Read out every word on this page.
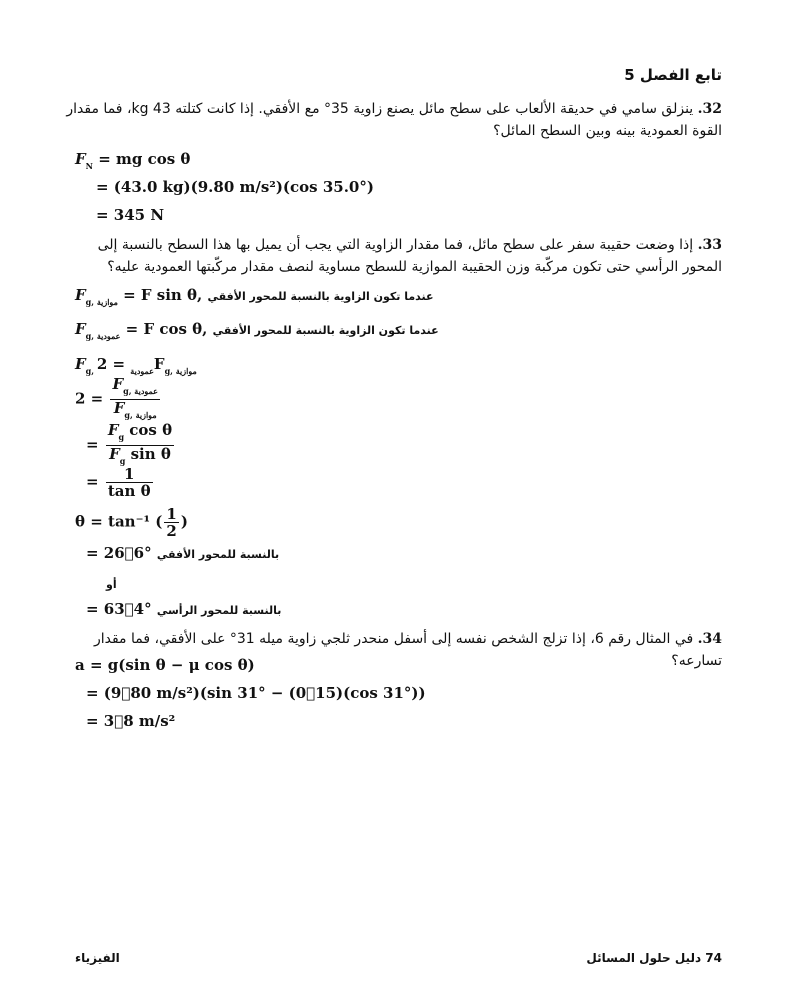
تابع الفصل 5
32. ينزلق سامي في حديقة الألعاب على سطح مائل يصنع زاوية 35° مع الأفقي. إذا كانت كتلته 43 kg، فما مقدار القوة العمودية بينه وبين السطح المائل؟
$F_N$ = mg cos θ
= (43.0 kg)(9.80 m/s²)(cos 35.0°)
= 345 N
33. إذا وضعت حقيبة سفر على سطح مائل، فما مقدار الزاوية التي يجب أن يميل بها هذا السطح بالنسبة إلى المحور الرأسي حتى تكون مركّبة وزن الحقيبة الموازية للسطح مساوية لنصف مقدار مركّبتها العمودية عليه؟
$F_{g, موازية} = F$ sin θ, عندما تكون الزاوية بالنسبة للمحور الأفقي
$F_{g, عمودية} = F$ cos θ, عندما تكون الزاوية بالنسبة للمحور الأفقي
$F_{g, عمودية} = 2F_{g, موازية}$
$2 = \frac{F_{g, عمودية}}{F_{g, موازية}}$
= $\frac{F_g \cos \theta}{F_g \sin \theta}$
= $\frac{1}{\text{tan θ}}$
θ = tan⁻¹ ( $\frac{1}{2}$ )
= 26⃞6° بالنسبة للمحور الأفقي
أو
= 63⃞4° بالنسبة للمحور الرأسي
34. في المثال رقم 6، إذا تزلج الشخص نفسه إلى أسفل منحدر ثلجي زاوية ميله 31° على الأفقي، فما مقدار تسارعه؟
a = g(sin θ − μ cos θ)
= (9⃞80 m/s²)(sin 31° − (0⃞15)(cos 31°))
= 3⃞8 m/s²
الفيزياء	74 دليل حلول المسائل
